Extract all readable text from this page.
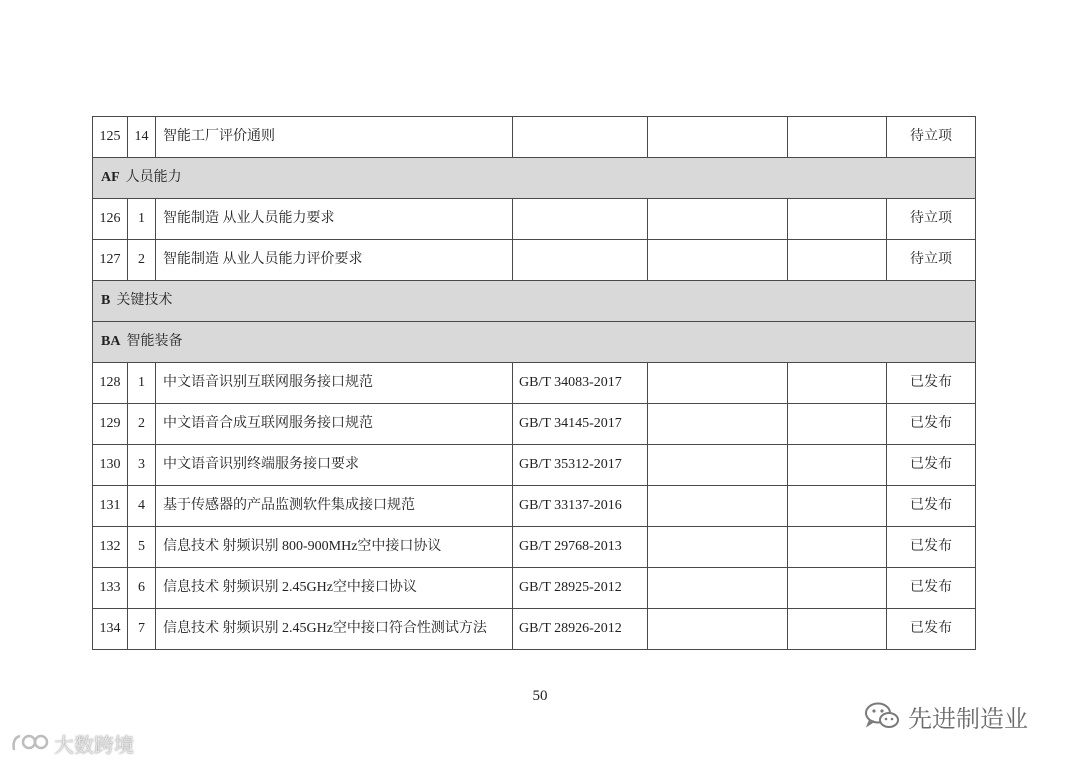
125	14	智能工厂评价通则				待立项
AF 人员能力						
126	1	智能制造 从业人员能力要求				待立项
127	2	智能制造 从业人员能力评价要求				待立项
B 关键技术						
BA 智能装备						
128	1	中文语音识别互联网服务接口规范	GB/T 34083-2017			已发布
129	2	中文语音合成互联网服务接口规范	GB/T 34145-2017			已发布
130	3	中文语音识别终端服务接口要求	GB/T 35312-2017			已发布
131	4	基于传感器的产品监测软件集成接口规范	GB/T 33137-2016			已发布
132	5	信息技术 射频识别 800-900MHz空中接口协议	GB/T 29768-2013			已发布
133	6	信息技术 射频识别 2.45GHz空中接口协议	GB/T 28925-2012			已发布
134	7	信息技术 射频识别 2.45GHz空中接口符合性测试方法	GB/T 28926-2012			已发布
50
先进制造业
大数跨境
